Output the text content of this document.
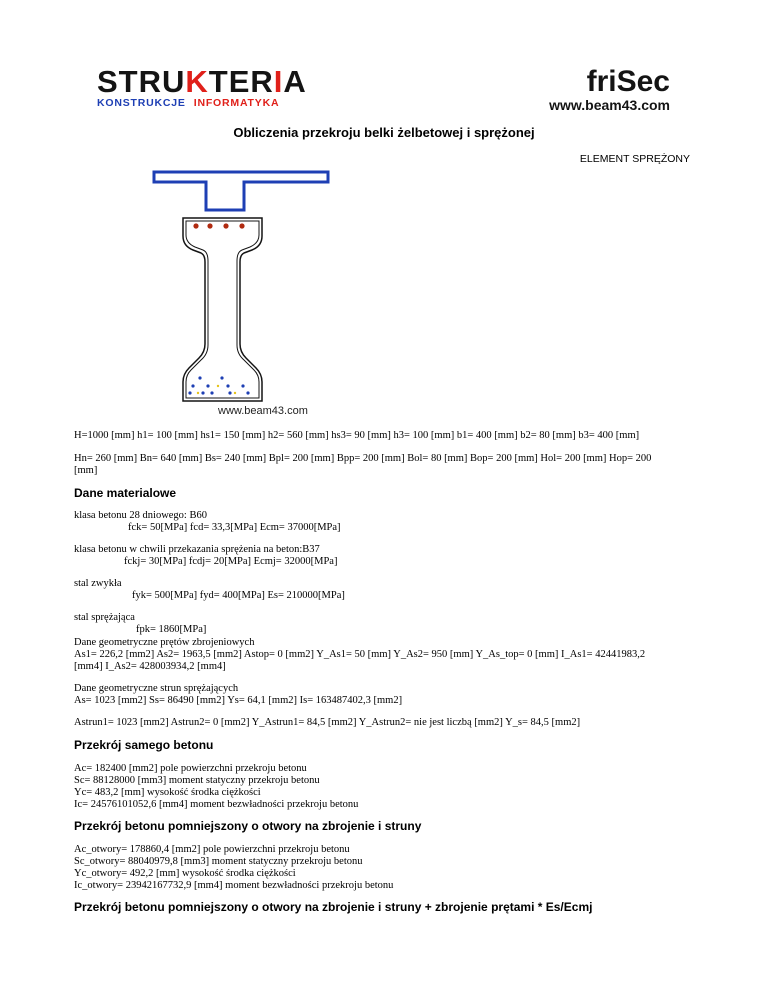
STRUKTERIA
KONSTRUKCJE INFORMATYKA
friSec
www.beam43.com
Obliczenia przekroju belki żelbetowej i sprężonej
ELEMENT SPRĘŻONY
www.beam43.com
H=1000 [mm] h1= 100 [mm] hs1= 150 [mm] h2= 560 [mm] hs3= 90 [mm] h3= 100 [mm] b1= 400 [mm] b2= 80 [mm] b3= 400 [mm]
Hn= 260 [mm] Bn= 640 [mm] Bs= 240 [mm] Bpl= 200 [mm] Bpp= 200 [mm] Bol= 80 [mm] Bop= 200 [mm] Hol= 200 [mm] Hop= 200
[mm]
Dane materialowe
klasa betonu 28 dniowego: B60
fck= 50[MPa] fcd= 33,3[MPa] Ecm= 37000[MPa]
klasa betonu w chwili przekazania sprężenia na beton:B37
fckj= 30[MPa] fcdj= 20[MPa] Ecmj= 32000[MPa]
stal zwykła
fyk= 500[MPa] fyd= 400[MPa] Es= 210000[MPa]
stal sprężająca
fpk= 1860[MPa]
Dane geometryczne prętów zbrojeniowych
As1= 226,2 [mm2] As2= 1963,5 [mm2] Astop= 0 [mm2] Y_As1= 50 [mm] Y_As2= 950 [mm] Y_As_top= 0 [mm] I_As1= 42441983,2
[mm4] I_As2= 428003934,2 [mm4]
Dane geometryczne strun sprężających
As= 1023 [mm2] Ss= 86490 [mm2] Ys= 64,1 [mm2] Is= 163487402,3 [mm2]
Astrun1= 1023 [mm2] Astrun2= 0 [mm2] Y_Astrun1= 84,5 [mm2] Y_Astrun2= nie jest liczbą [mm2] Y_s= 84,5 [mm2]
Przekrój samego betonu
Ac= 182400 [mm2] pole powierzchni przekroju betonu
Sc= 88128000 [mm3] moment statyczny przekroju betonu
Yc= 483,2 [mm] wysokość środka ciężkości
Ic= 24576101052,6 [mm4] moment bezwładności przekroju betonu
Przekrój betonu pomniejszony o otwory na zbrojenie i struny
Ac_otwory= 178860,4 [mm2] pole powierzchni przekroju betonu
Sc_otwory= 88040979,8 [mm3] moment statyczny przekroju betonu
Yc_otwory= 492,2 [mm] wysokość środka ciężkości
Ic_otwory= 23942167732,9 [mm4] moment bezwładności przekroju betonu
Przekrój betonu pomniejszony o otwory na zbrojenie i struny + zbrojenie prętami * Es/Ecmj
